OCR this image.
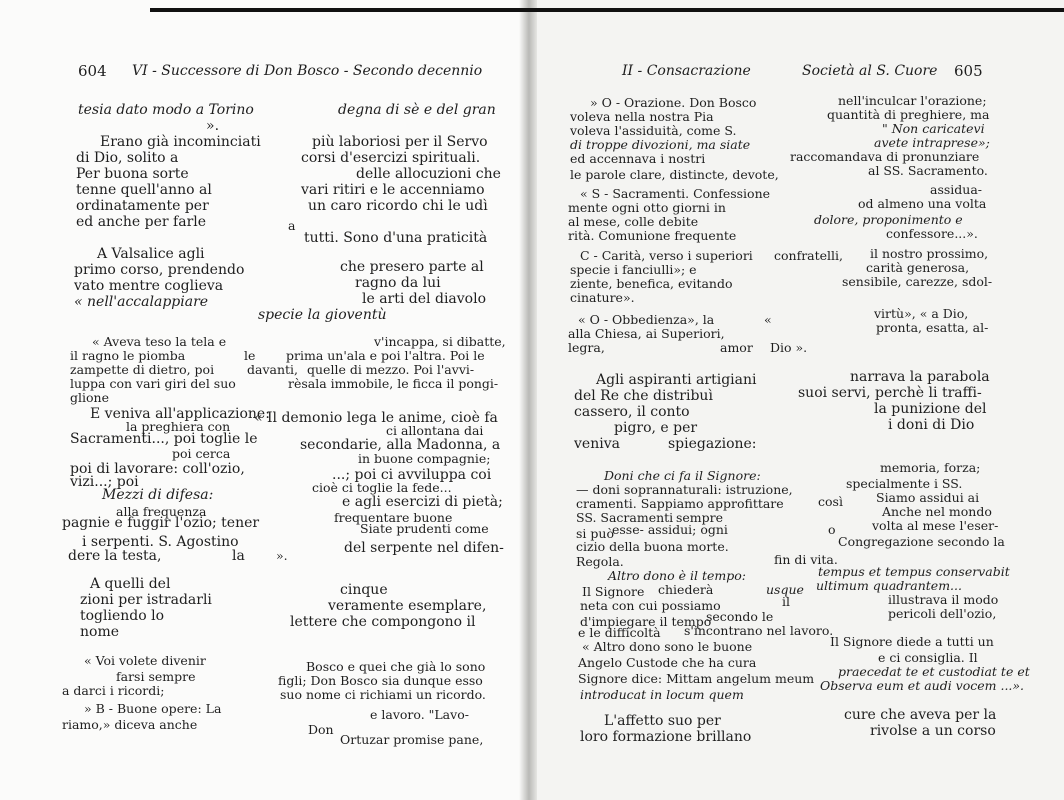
604 VI - Successore di Don Bosco - Secondo decennio
tesia dato modo a Torino
».
Erano già incominciati
di Dio, solito a
Per buona sorte
tenne quell'anno al
ordinatamente per
ed anche per farle
degna di sè e del gran
più laboriosi per il Servo
corsi d'esercizi spirituali.
delle allocuzioni che
vari ritiri e le accenniamo
un caro ricordo chi le udì
a
tutti. Sono d'una praticità
A Valsalice agli
primo corso, prendendo
vato mentre coglieva
« nell'accalappiare
che presero parte al
ragno da lui
le arti del diavolo
specie la gioventù
« Aveva teso la tela e
il ragno le piomba
zampette di dietro, poi
luppa con vari giri del suo
glione
le
v'incappa, si dibatte,
prima un'ala e poi l'altra. Poi le
davanti, quelle di mezzo. Poi l'avvi-
rèsala immobile, le ficca il pongi-
E veniva all'applicazione:
la preghiera con
Sacramenti..., poi toglie le
poi cerca
poi di lavorare: coll'ozio,
vizi...; poi
Mezzi di difesa:
alla frequenza
pagnie e fuggir l'ozio; tener
i serpenti. S. Agostino
dere la testa,	la
« Il demonio lega le anime, cioè fa
ci allontana dai
secondarie, alla Madonna, a
in buone compagnie;
...; poi ci avviluppa coi
cioè ci toglie la fede...
e agli esercizi di pietà;
frequentare buone
Siate prudenti come
del serpente nel difen-
».
A quelli del
zioni per istradarli
togliendo lo
nome
cinque
veramente esemplare,
lettere che compongono il
« Voi volete divenir
farsi sempre
a darci i ricordi;
» B - Buone opere: La
riamo,» diceva anche
Bosco e quei che già lo sono
figli; Don Bosco sia dunque esso
suo nome ci richiami un ricordo.
e lavoro. "Lavo-
Don
Ortuzar promise pane,
II - Consacrazione	Società al S. Cuore 605
» O - Orazione. Don Bosco
voleva nella nostra Pia
voleva l'assiduità, come S.
di troppe divozioni, ma siate
ed accennava i nostri
le parole clare, distincte, devote,
nell'inculcar l'orazione;
quantità di preghiere, ma
" Non caricatevi
avete intraprese»;
raccomandava di pronunziare
al SS. Sacramento.
« S - Sacramenti. Confessione
mente ogni otto giorni in
al mese, colle debite
rità. Comunione frequente
assidua-
od almeno una volta
dolore, proponimento e
confessore...».
C - Carità, verso i superiori
specie i fanciulli»; e
ziente, benefica, evitando
cinature».
confratelli, il nostro prossimo,
carità generosa,
sensibile, carezze, sdol-
« O - Obbedienza», la
alla Chiesa, ai Superiori,
legra,	amor
«	virtù», « a Dio,
pronta, esatta, al-
Dio ».
Agli aspiranti artigiani
del Re che distribuì
cassero, il conto
pigro, e per
veniva	spiegazione:
narrava la parabola
suoi servi, perchè li traffi-
la punizione del
i doni di Dio
Doni che ci fa il Signore:
— doni soprannaturali: istruzione,
cramenti. Sappiamo approfittare
SS. Sacramenti sempre
si può
esse- assidui; ogni
cizio della buona morte.
Regola.
Altro dono è il tempo:
Il Signore chiederà	usque
neta con cui possiamo	il
d'impiegare il tempo
secondo le
e le difficoltà s'incontrano nel lavoro.
« Altro dono sono le buone
Angelo Custode che ha cura
Signore dice: Mittam angelum meum
introducat in locum quem
memoria, forza;
specialmente i SS.
così	Siamo assidui ai
Anche nel mondo
o	volta al mese l'eser-
Congregazione secondo la
fin di vita.
tempus et tempus conservabit
ultimum quadrantem...
illustrava il modo
pericoli dell'ozio,
Il Signore diede a tutti un
e ci consiglia. Il
praecedat te et custodiat te et
Observa eum et audi vocem ...».
L'affetto suo per
loro formazione brillano
cure che aveva per la
rivolse a un corso
